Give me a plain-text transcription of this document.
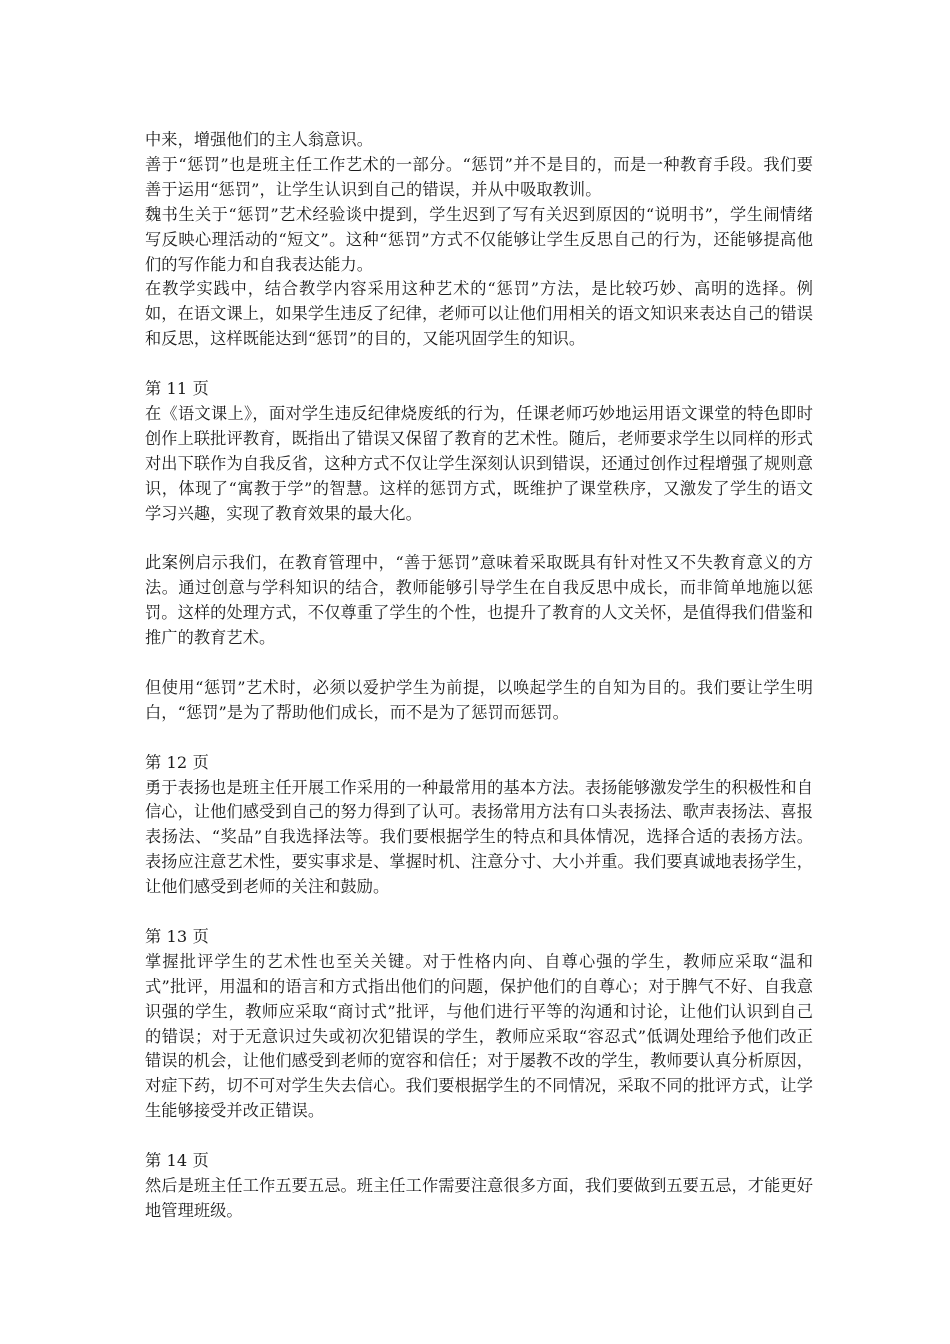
中来，增强他们的主人翁意识。

善于“惩罚”也是班主任工作艺术的一部分。“惩罚”并不是目的，而是一种教育手段。我们要善于运用“惩罚”，让学生认识到自己的错误，并从中吸取教训。

魏书生关于“惩罚”艺术经验谈中提到，学生迟到了写有关迟到原因的“说明书”，学生闹情绪写反映心理活动的“短文”。这种“惩罚”方式不仅能够让学生反思自己的行为，还能够提高他们的写作能力和自我表达能力。

在教学实践中，结合教学内容采用这种艺术的“惩罚”方法，是比较巧妙、高明的选择。例如，在语文课上，如果学生违反了纪律，老师可以让他们用相关的语文知识来表达自己的错误和反思，这样既能达到“惩罚”的目的，又能巩固学生的知识。

第 11 页

在《语文课上》，面对学生违反纪律烧废纸的行为，任课老师巧妙地运用语文课堂的特色即时创作上联批评教育，既指出了错误又保留了教育的艺术性。随后，老师要求学生以同样的形式对出下联作为自我反省，这种方式不仅让学生深刻认识到错误，还通过创作过程增强了规则意识，体现了“寓教于学”的智慧。这样的惩罚方式，既维护了课堂秩序，又激发了学生的语文学习兴趣，实现了教育效果的最大化。

此案例启示我们，在教育管理中，“善于惩罚”意味着采取既具有针对性又不失教育意义的方法。通过创意与学科知识的结合，教师能够引导学生在自我反思中成长，而非简单地施以惩罚。这样的处理方式，不仅尊重了学生的个性，也提升了教育的人文关怀，是值得我们借鉴和推广的教育艺术。

但使用“惩罚”艺术时，必须以爱护学生为前提，以唤起学生的自知为目的。我们要让学生明白，“惩罚”是为了帮助他们成长，而不是为了惩罚而惩罚。

第 12 页

勇于表扬也是班主任开展工作采用的一种最常用的基本方法。表扬能够激发学生的积极性和自信心，让他们感受到自己的努力得到了认可。表扬常用方法有口头表扬法、歌声表扬法、喜报表扬法、“奖品”自我选择法等。我们要根据学生的特点和具体情况，选择合适的表扬方法。表扬应注意艺术性，要实事求是、掌握时机、注意分寸、大小并重。我们要真诚地表扬学生，让他们感受到老师的关注和鼓励。

第 13 页

掌握批评学生的艺术性也至关关键。对于性格内向、自尊心强的学生，教师应采取“温和式”批评，用温和的语言和方式指出他们的问题，保护他们的自尊心；对于脾气不好、自我意识强的学生，教师应采取“商讨式”批评，与他们进行平等的沟通和讨论，让他们认识到自己的错误；对于无意识过失或初次犯错误的学生，教师应采取“容忍式”低调处理给予他们改正错误的机会，让他们感受到老师的宽容和信任；对于屡教不改的学生，教师要认真分析原因，对症下药，切不可对学生失去信心。我们要根据学生的不同情况，采取不同的批评方式，让学生能够接受并改正错误。

第 14 页

然后是班主任工作五要五忌。班主任工作需要注意很多方面，我们要做到五要五忌，才能更好地管理班级。
